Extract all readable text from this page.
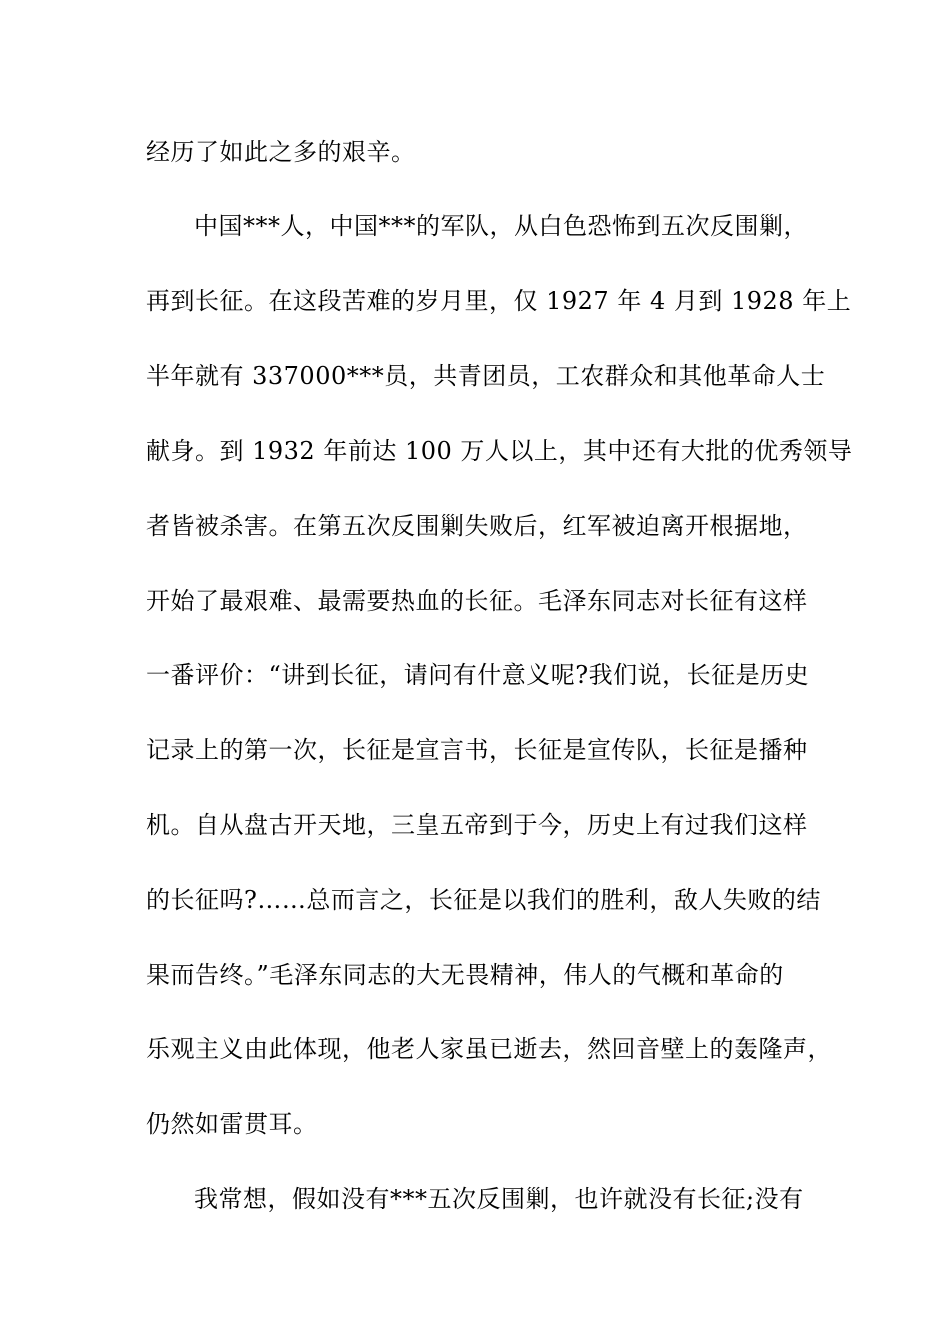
经历了如此之多的艰辛。
中国***人，中国***的军队，从白色恐怖到五次反围剿，
再到长征。在这段苦难的岁月里，仅 1927 年 4 月到 1928 年上
半年就有 337000***员，共青团员，工农群众和其他革命人士
献身。到 1932 年前达 100 万人以上，其中还有大批的优秀领导
者皆被杀害。在第五次反围剿失败后，红军被迫离开根据地，
开始了最艰难、最需要热血的长征。毛泽东同志对长征有这样
一番评价：“讲到长征，请问有什意义呢?我们说，长征是历史
记录上的第一次，长征是宣言书，长征是宣传队，长征是播种
机。自从盘古开天地，三皇五帝到于今，历史上有过我们这样
的长征吗?……总而言之，长征是以我们的胜利，敌人失败的结
果而告终。”毛泽东同志的大无畏精神，伟人的气概和革命的
乐观主义由此体现，他老人家虽已逝去，然回音壁上的轰隆声，
仍然如雷贯耳。
我常想，假如没有***五次反围剿，也许就没有长征;没有
